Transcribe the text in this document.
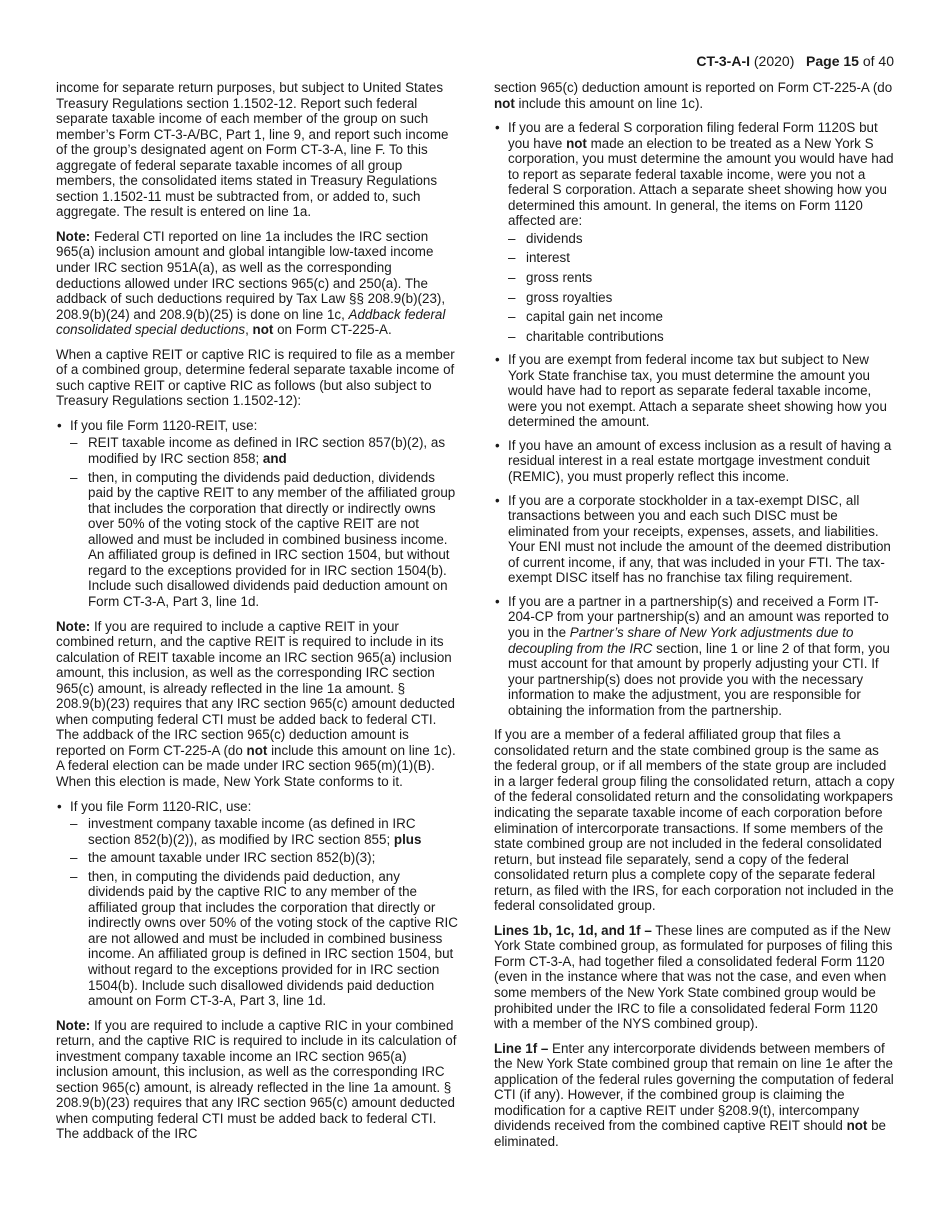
CT-3-A-I (2020) Page 15 of 40

income for separate return purposes, but subject to United States Treasury Regulations section 1.1502-12. Report such federal separate taxable income of each member of the group on such member’s Form CT-3-A/BC, Part 1, line 9, and report such income of the group’s designated agent on Form CT-3-A, line F. To this aggregate of federal separate taxable incomes of all group members, the consolidated items stated in Treasury Regulations section 1.1502-11 must be subtracted from, or added to, such aggregate. The result is entered on line 1a.

Note: Federal CTI reported on line 1a includes the IRC section 965(a) inclusion amount and global intangible low-taxed income under IRC section 951A(a), as well as the corresponding deductions allowed under IRC sections 965(c) and 250(a). The addback of such deductions required by Tax Law §§ 208.9(b)(23), 208.9(b)(24) and 208.9(b)(25) is done on line 1c, Addback federal consolidated special deductions, not on Form CT-225-A.

When a captive REIT or captive RIC is required to file as a member of a combined group, determine federal separate taxable income of such captive REIT or captive RIC as follows (but also subject to Treasury Regulations section 1.1502-12):

• If you file Form 1120-REIT, use:
– REIT taxable income as defined in IRC section 857(b)(2), as modified by IRC section 858; and
– then, in computing the dividends paid deduction, dividends paid by the captive REIT to any member of the affiliated group that includes the corporation that directly or indirectly owns over 50% of the voting stock of the captive REIT are not allowed and must be included in combined business income. An affiliated group is defined in IRC section 1504, but without regard to the exceptions provided for in IRC section 1504(b). Include such disallowed dividends paid deduction amount on Form CT-3-A, Part 3, line 1d.

Note: If you are required to include a captive REIT in your combined return, and the captive REIT is required to include in its calculation of REIT taxable income an IRC section 965(a) inclusion amount, this inclusion, as well as the corresponding IRC section 965(c) amount, is already reflected in the line 1a amount. § 208.9(b)(23) requires that any IRC section 965(c) amount deducted when computing federal CTI must be added back to federal CTI. The addback of the IRC section 965(c) deduction amount is reported on Form CT-225-A (do not include this amount on line 1c). A federal election can be made under IRC section 965(m)(1)(B). When this election is made, New York State conforms to it.

• If you file Form 1120-RIC, use:
– investment company taxable income (as defined in IRC section 852(b)(2)), as modified by IRC section 855; plus
– the amount taxable under IRC section 852(b)(3);
– then, in computing the dividends paid deduction, any dividends paid by the captive RIC to any member of the affiliated group that includes the corporation that directly or indirectly owns over 50% of the voting stock of the captive RIC are not allowed and must be included in combined business income. An affiliated group is defined in IRC section 1504, but without regard to the exceptions provided for in IRC section 1504(b). Include such disallowed dividends paid deduction amount on Form CT-3-A, Part 3, line 1d.

Note: If you are required to include a captive RIC in your combined return, and the captive RIC is required to include in its calculation of investment company taxable income an IRC section 965(a) inclusion amount, this inclusion, as well as the corresponding IRC section 965(c) amount, is already reflected in the line 1a amount. § 208.9(b)(23) requires that any IRC section 965(c) amount deducted when computing federal CTI must be added back to federal CTI. The addback of the IRC

section 965(c) deduction amount is reported on Form CT-225-A (do not include this amount on line 1c).

• If you are a federal S corporation filing federal Form 1120S but you have not made an election to be treated as a New York S corporation, you must determine the amount you would have had to report as separate federal taxable income, were you not a federal S corporation. Attach a separate sheet showing how you determined this amount. In general, the items on Form 1120 affected are:
– dividends
– interest
– gross rents
– gross royalties
– capital gain net income
– charitable contributions
• If you are exempt from federal income tax but subject to New York State franchise tax, you must determine the amount you would have had to report as separate federal taxable income, were you not exempt. Attach a separate sheet showing how you determined the amount.
• If you have an amount of excess inclusion as a result of having a residual interest in a real estate mortgage investment conduit (REMIC), you must properly reflect this income.
• If you are a corporate stockholder in a tax-exempt DISC, all transactions between you and each such DISC must be eliminated from your receipts, expenses, assets, and liabilities. Your ENI must not include the amount of the deemed distribution of current income, if any, that was included in your FTI. The tax-exempt DISC itself has no franchise tax filing requirement.
• If you are a partner in a partnership(s) and received a Form IT-204-CP from your partnership(s) and an amount was reported to you in the Partner’s share of New York adjustments due to decoupling from the IRC section, line 1 or line 2 of that form, you must account for that amount by properly adjusting your CTI. If your partnership(s) does not provide you with the necessary information to make the adjustment, you are responsible for obtaining the information from the partnership.

If you are a member of a federal affiliated group that files a consolidated return and the state combined group is the same as the federal group, or if all members of the state group are included in a larger federal group filing the consolidated return, attach a copy of the federal consolidated return and the consolidating workpapers indicating the separate taxable income of each corporation before elimination of intercorporate transactions. If some members of the state combined group are not included in the federal consolidated return, but instead file separately, send a copy of the federal consolidated return plus a complete copy of the separate federal return, as filed with the IRS, for each corporation not included in the federal consolidated group.

Lines 1b, 1c, 1d, and 1f – These lines are computed as if the New York State combined group, as formulated for purposes of filing this Form CT-3-A, had together filed a consolidated federal Form 1120 (even in the instance where that was not the case, and even when some members of the New York State combined group would be prohibited under the IRC to file a consolidated federal Form 1120 with a member of the NYS combined group).

Line 1f – Enter any intercorporate dividends between members of the New York State combined group that remain on line 1e after the application of the federal rules governing the computation of federal CTI (if any). However, if the combined group is claiming the modification for a captive REIT under §208.9(t), intercompany dividends received from the combined captive REIT should not be eliminated.
